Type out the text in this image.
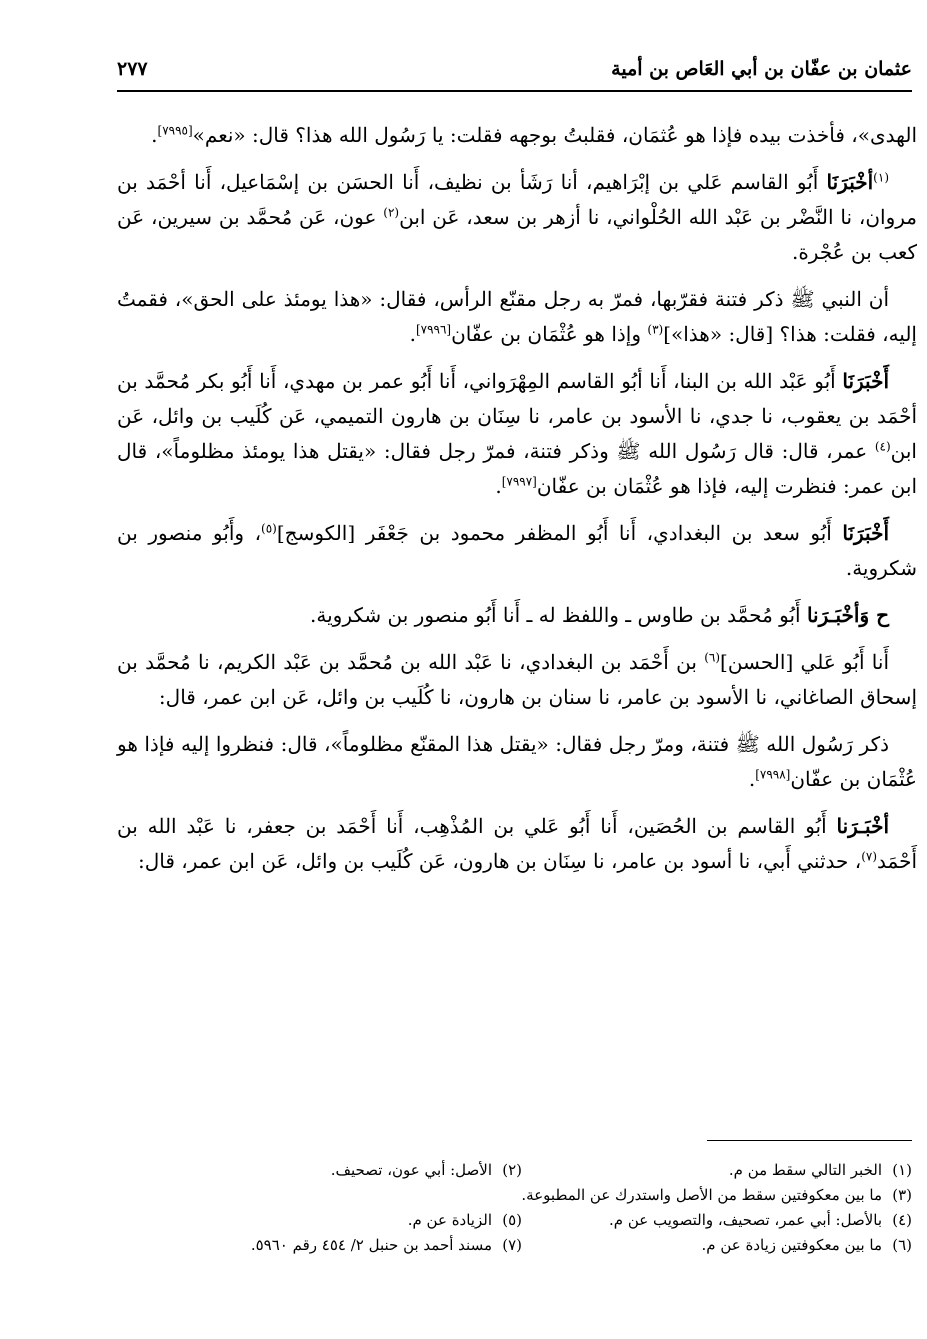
عثمان بن عفّان بن أبي العَاص بن أمية
٢٧٧

الهدى»، فأخذت بيده فإذا هو عُثمَان، فقلبتُ بوجهه فقلت: يا رَسُول الله هذا؟ قال: «نعم»[٧٩٩٥].

$^{(١)}$أخْبَرَنَا أَبُو القاسم عَلي بن إبْرَاهيم، أنا رَشَأ بن نظيف، أَنا الحسَن بن إسْمَاعيل، أَنا أحْمَد بن مروان، نا النَّضْر بن عَبْد الله الحُلْواني، نا أزهر بن سعد، عَن ابن$^{(٢)}$ عون، عَن مُحمَّد بن سيرين، عَن كعب بن عُجْرة.

أن النبي ﷺ ذكر فتنة فقرّبها، فمرّ به رجل مقنّع الرأس، فقال: «هذا يومئذ على الحق»، فقمتُ إليه، فقلت: هذا؟ [قال: «هذا»]$^{(٣)}$ وإذا هو عُثْمَان بن عفّان[٧٩٩٦].

أَخْبَرَنَا أَبُو عَبْد الله بن البنا، أَنا أبُو القاسم المِهْرَواني، أَنا أَبُو عمر بن مهدي، أَنا أَبُو بكر مُحمَّد بن أحْمَد بن يعقوب، نا جدي، نا الأسود بن عامر، نا سِنَان بن هارون التميمي، عَن كُلَيب بن وائل، عَن ابن$^{(٤)}$ عمر، قال: قال رَسُول الله ﷺ وذكر فتنة، فمرّ رجل فقال: «يقتل هذا يومئذ مظلوماً»، قال ابن عمر: فنظرت إليه، فإذا هو عُثْمَان بن عفّان[٧٩٩٧].

أَخْبَرَنَا أَبُو سعد بن البغدادي، أَنا أَبُو المظفر محمود بن جَعْفَر [الكوسج]$^{(٥)}$، وأَبُو منصور بن شكروية.

ح وَأخْبَـرَنا أَبُو مُحمَّد بن طاوس ـ واللفظ له ـ أَنا أَبُو منصور بن شكروية.

أَنا أَبُو عَلي [الحسن]$^{(٦)}$ بن أَحْمَد بن البغدادي، نا عَبْد الله بن مُحمَّد بن عَبْد الكريم، نا مُحمَّد بن إسحاق الصاغاني، نا الأسود بن عامر، نا سنان بن هارون، نا كُلَيب بن وائل، عَن ابن عمر، قال:

ذكر رَسُول الله ﷺ فتنة، ومرّ رجل فقال: «يقتل هذا المقنّع مظلوماً»، قال: فنظروا إليه فإذا هو عُثْمَان بن عفّان[٧٩٩٨].

أخْبَـرَنا أَبُو القاسم بن الحُصَين، أَنا أَبُو عَلي بن المُذْهِب، أَنا أَحْمَد بن جعفر، نا عَبْد الله بن أَحْمَد$^{(٧)}$، حدثني أَبي، نا أسود بن عامر، نا سِنَان بن هارون، عَن كُلَيب بن وائل، عَن ابن عمر، قال:

(١)الخبر التالي سقط من م.
(٢)الأصل: أبي عون، تصحيف.
(٣)ما بين معكوفتين سقط من الأصل واستدرك عن المطبوعة.
(٤)بالأصل: أبي عمر، تصحيف، والتصويب عن م.
(٥)الزيادة عن م.
(٦)ما بين معكوفتين زيادة عن م.
(٧)مسند أحمد بن حنبل ٢/ ٤٥٤ رقم ٥٩٦٠.
